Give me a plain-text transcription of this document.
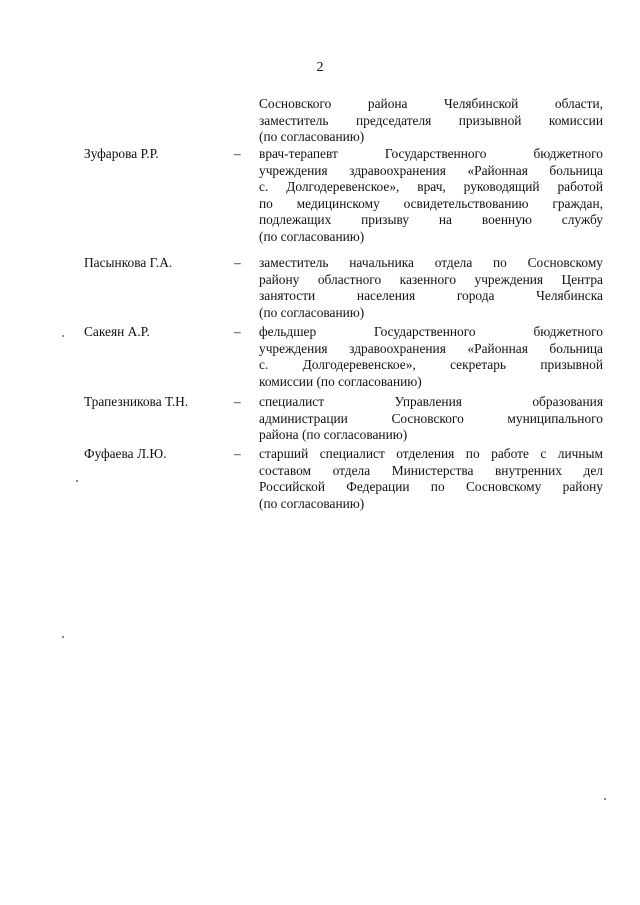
2
Сосновского района Челябинской области,
заместитель председателя призывной комиссии
(по согласованию)
Зуфарова Р.Р.	– врач-терапевт Государственного бюджетного
учреждения здравоохранения «Районная больница
с. Долгодеревенское», врач, руководящий работой
по медицинскому освидетельствованию граждан,
подлежащих призыву на военную службу
(по согласованию)
Пасынкова Г.А.	– заместитель начальника отдела по Сосновскому
району областного казенного учреждения Центра
занятости населения города Челябинска
(по согласованию)
Сакеян А.Р.	– фельдшер Государственного бюджетного
учреждения здравоохранения «Районная больница
с. Долгодеревенское», секретарь призывной
комиссии (по согласованию)
Трапезникова Т.Н.	– специалист Управления образования
администрации Сосновского муниципального
района (по согласованию)
Фуфаева Л.Ю.	– старший специалист отделения по работе с личным
составом отдела Министерства внутренних дел
Российской Федерации по Сосновскому району
(по согласованию)
